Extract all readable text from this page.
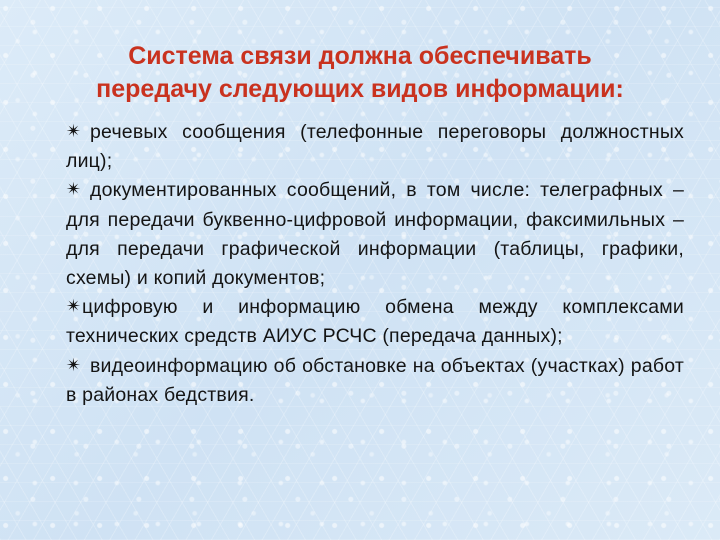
Система связи должна обеспечивать
передачу следующих видов информации:
✴ речевых сообщения (телефонные переговоры должностных лиц);
✴ документированных сообщений, в том числе: телеграфных – для передачи буквенно-цифровой информации, факсимильных – для передачи графической информации (таблицы, графики, схемы) и копий документов;
✴цифровую и информацию обмена между комплексами технических средств АИУС РСЧС (передача данных);
✴ видеоинформацию об обстановке на объектах (участках) работ в районах бедствия.
